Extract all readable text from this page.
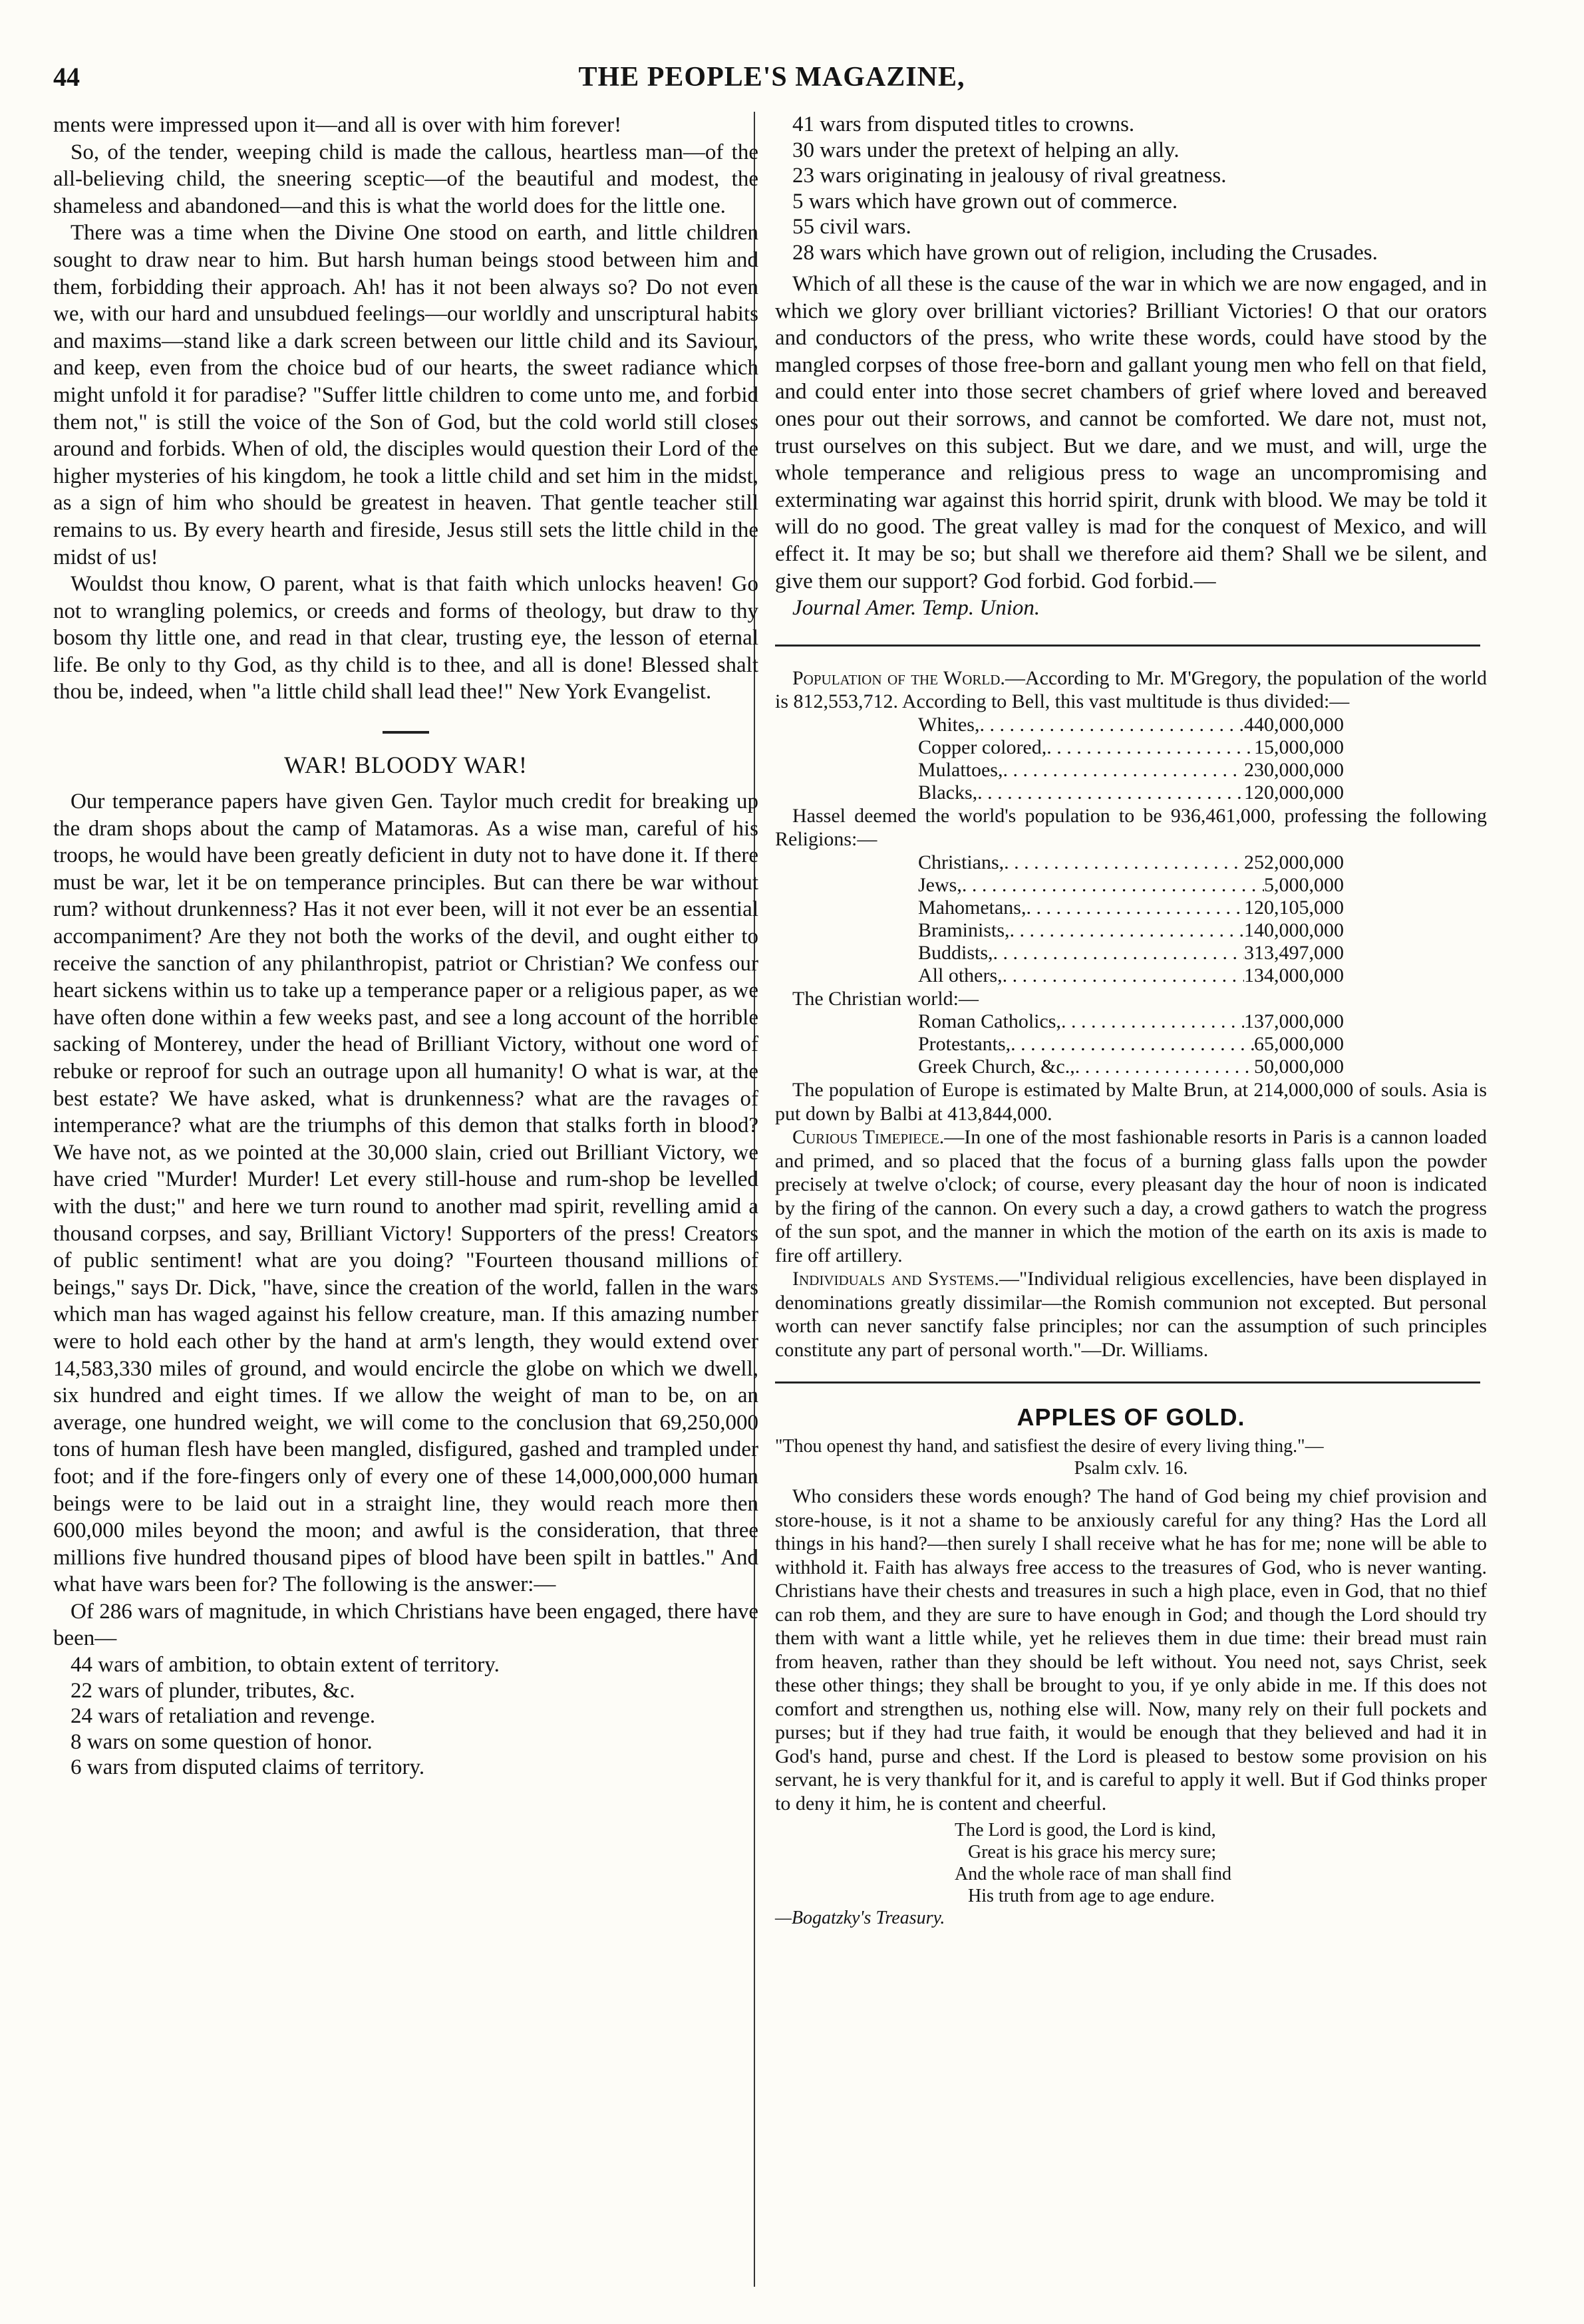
44	THE PEOPLE'S MAGAZINE,

ments were impressed upon it—and all is over with him forever!

So, of the tender, weeping child is made the callous, heartless man—of the all-believing child, the sneering sceptic—of the beautiful and modest, the shameless and abandoned—and this is what the world does for the little one.

There was a time when the Divine One stood on earth, and little children sought to draw near to him. But harsh human beings stood between him and them, forbidding their approach. Ah! has it not been always so? Do not even we, with our hard and unsubdued feelings—our worldly and unscriptural habits and maxims—stand like a dark screen between our little child and its Saviour, and keep, even from the choice bud of our hearts, the sweet radiance which might unfold it for paradise? "Suffer little children to come unto me, and forbid them not," is still the voice of the Son of God, but the cold world still closes around and forbids. When of old, the disciples would question their Lord of the higher mysteries of his kingdom, he took a little child and set him in the midst, as a sign of him who should be greatest in heaven. That gentle teacher still remains to us. By every hearth and fireside, Jesus still sets the little child in the midst of us!

Wouldst thou know, O parent, what is that faith which unlocks heaven! Go not to wrangling polemics, or creeds and forms of theology, but draw to thy bosom thy little one, and read in that clear, trusting eye, the lesson of eternal life. Be only to thy God, as thy child is to thee, and all is done! Blessed shalt thou be, indeed, when "a little child shall lead thee!" New York Evangelist.

WAR! BLOODY WAR!

Our temperance papers have given Gen. Taylor much credit for breaking up the dram shops about the camp of Matamoras. As a wise man, careful of his troops, he would have been greatly deficient in duty not to have done it. If there must be war, let it be on temperance principles. But can there be war without rum? without drunkenness? Has it not ever been, will it not ever be an essential accompaniment? Are they not both the works of the devil, and ought either to receive the sanction of any philanthropist, patriot or Christian? We confess our heart sickens within us to take up a temperance paper or a religious paper, as we have often done within a few weeks past, and see a long account of the horrible sacking of Monterey, under the head of Brilliant Victory, without one word of rebuke or reproof for such an outrage upon all humanity! O what is war, at the best estate? We have asked, what is drunkenness? what are the ravages of intemperance? what are the triumphs of this demon that stalks forth in blood? We have not, as we pointed at the 30,000 slain, cried out Brilliant Victory, we have cried "Murder! Murder! Let every still-house and rum-shop be levelled with the dust;" and here we turn round to another mad spirit, revelling amid a thousand corpses, and say, Brilliant Victory! Supporters of the press! Creators of public sentiment! what are you doing? "Fourteen thousand millions of beings," says Dr. Dick, "have, since the creation of the world, fallen in the wars which man has waged against his fellow creature, man. If this amazing number were to hold each other by the hand at arm's length, they would extend over 14,583,330 miles of ground, and would encircle the globe on which we dwell, six hundred and eight times. If we allow the weight of man to be, on an average, one hundred weight, we will come to the conclusion that 69,250,000 tons of human flesh have been mangled, disfigured, gashed and trampled under foot; and if the fore-fingers only of every one of these 14,000,000,000 human beings were to be laid out in a straight line, they would reach more then 600,000 miles beyond the moon; and awful is the consideration, that three millions five hundred thousand pipes of blood have been spilt in battles." And what have wars been for? The following is the answer:—

Of 286 wars of magnitude, in which Christians have been engaged, there have been—

44 wars of ambition, to obtain extent of territory.
22 wars of plunder, tributes, &c.
24 wars of retaliation and revenge.
8 wars on some question of honor.
6 wars from disputed claims of territory.
41 wars from disputed titles to crowns.
30 wars under the pretext of helping an ally.
23 wars originating in jealousy of rival greatness.
5 wars which have grown out of commerce.
55 civil wars.
28 wars which have grown out of religion, including the Crusades.

Which of all these is the cause of the war in which we are now engaged, and in which we glory over brilliant victories? Brilliant Victories! O that our orators and conductors of the press, who write these words, could have stood by the mangled corpses of those free-born and gallant young men who fell on that field, and could enter into those secret chambers of grief where loved and bereaved ones pour out their sorrows, and cannot be comforted. We dare not, must not, trust ourselves on this subject. But we dare, and we must, and will, urge the whole temperance and religious press to wage an uncompromising and exterminating war against this horrid spirit, drunk with blood. We may be told it will do no good. The great valley is mad for the conquest of Mexico, and will effect it. It may be so; but shall we therefore aid them? Shall we be silent, and give them our support? God forbid. God forbid.—

Journal Amer. Temp. Union.

Population of the World.—According to Mr. M'Gregory, the population of the world is 812,553,712. According to Bell, this vast multitude is thus divided:—

Whites, . . .	440,000,000
Copper colored, . . .	15,000,000
Mulattoes, . . .	230,000,000
Blacks, . . .	120,000,000

Hassel deemed the world's population to be 936,461,000, professing the following Religions:—

Christians, . . .	252,000,000
Jews, . . .	5,000,000
Mahometans, . . .	120,105,000
Braminists, . . .	140,000,000
Buddists, . . .	313,497,000
All others, . . .	134,000,000

The Christian world:—

Roman Catholics, . . .	137,000,000
Protestants, . . .	65,000,000
Greek Church, &c., . . .	50,000,000

The population of Europe is estimated by Malte Brun, at 214,000,000 of souls. Asia is put down by Balbi at 413,844,000.

Curious Timepiece.—In one of the most fashionable resorts in Paris is a cannon loaded and primed, and so placed that the focus of a burning glass falls upon the powder precisely at twelve o'clock; of course, every pleasant day the hour of noon is indicated by the firing of the cannon. On every such a day, a crowd gathers to watch the progress of the sun spot, and the manner in which the motion of the earth on its axis is made to fire off artillery.

Individuals and Systems.—"Individual religious excellencies, have been displayed in denominations greatly dissimilar—the Romish communion not excepted. But personal worth can never sanctify false principles; nor can the assumption of such principles constitute any part of personal worth."—Dr. Williams.

APPLES OF GOLD.

"Thou openest thy hand, and satisfiest the desire of every living thing."—

Psalm cxlv. 16.

Who considers these words enough? The hand of God being my chief provision and store-house, is it not a shame to be anxiously careful for any thing? Has the Lord all things in his hand?—then surely I shall receive what he has for me; none will be able to withhold it. Faith has always free access to the treasures of God, who is never wanting. Christians have their chests and treasures in such a high place, even in God, that no thief can rob them, and they are sure to have enough in God; and though the Lord should try them with want a little while, yet he relieves them in due time: their bread must rain from heaven, rather than they should be left without. You need not, says Christ, seek these other things; they shall be brought to you, if ye only abide in me. If this does not comfort and strengthen us, nothing else will. Now, many rely on their full pockets and purses; but if they had true faith, it would be enough that they believed and had it in God's hand, purse and chest. If the Lord is pleased to bestow some provision on his servant, he is very thankful for it, and is careful to apply it well. But if God thinks proper to deny it him, he is content and cheerful.

The Lord is good, the Lord is kind,
Great is his grace his mercy sure;
And the whole race of man shall find
His truth from age to age endure.

—Bogatzky's Treasury.
